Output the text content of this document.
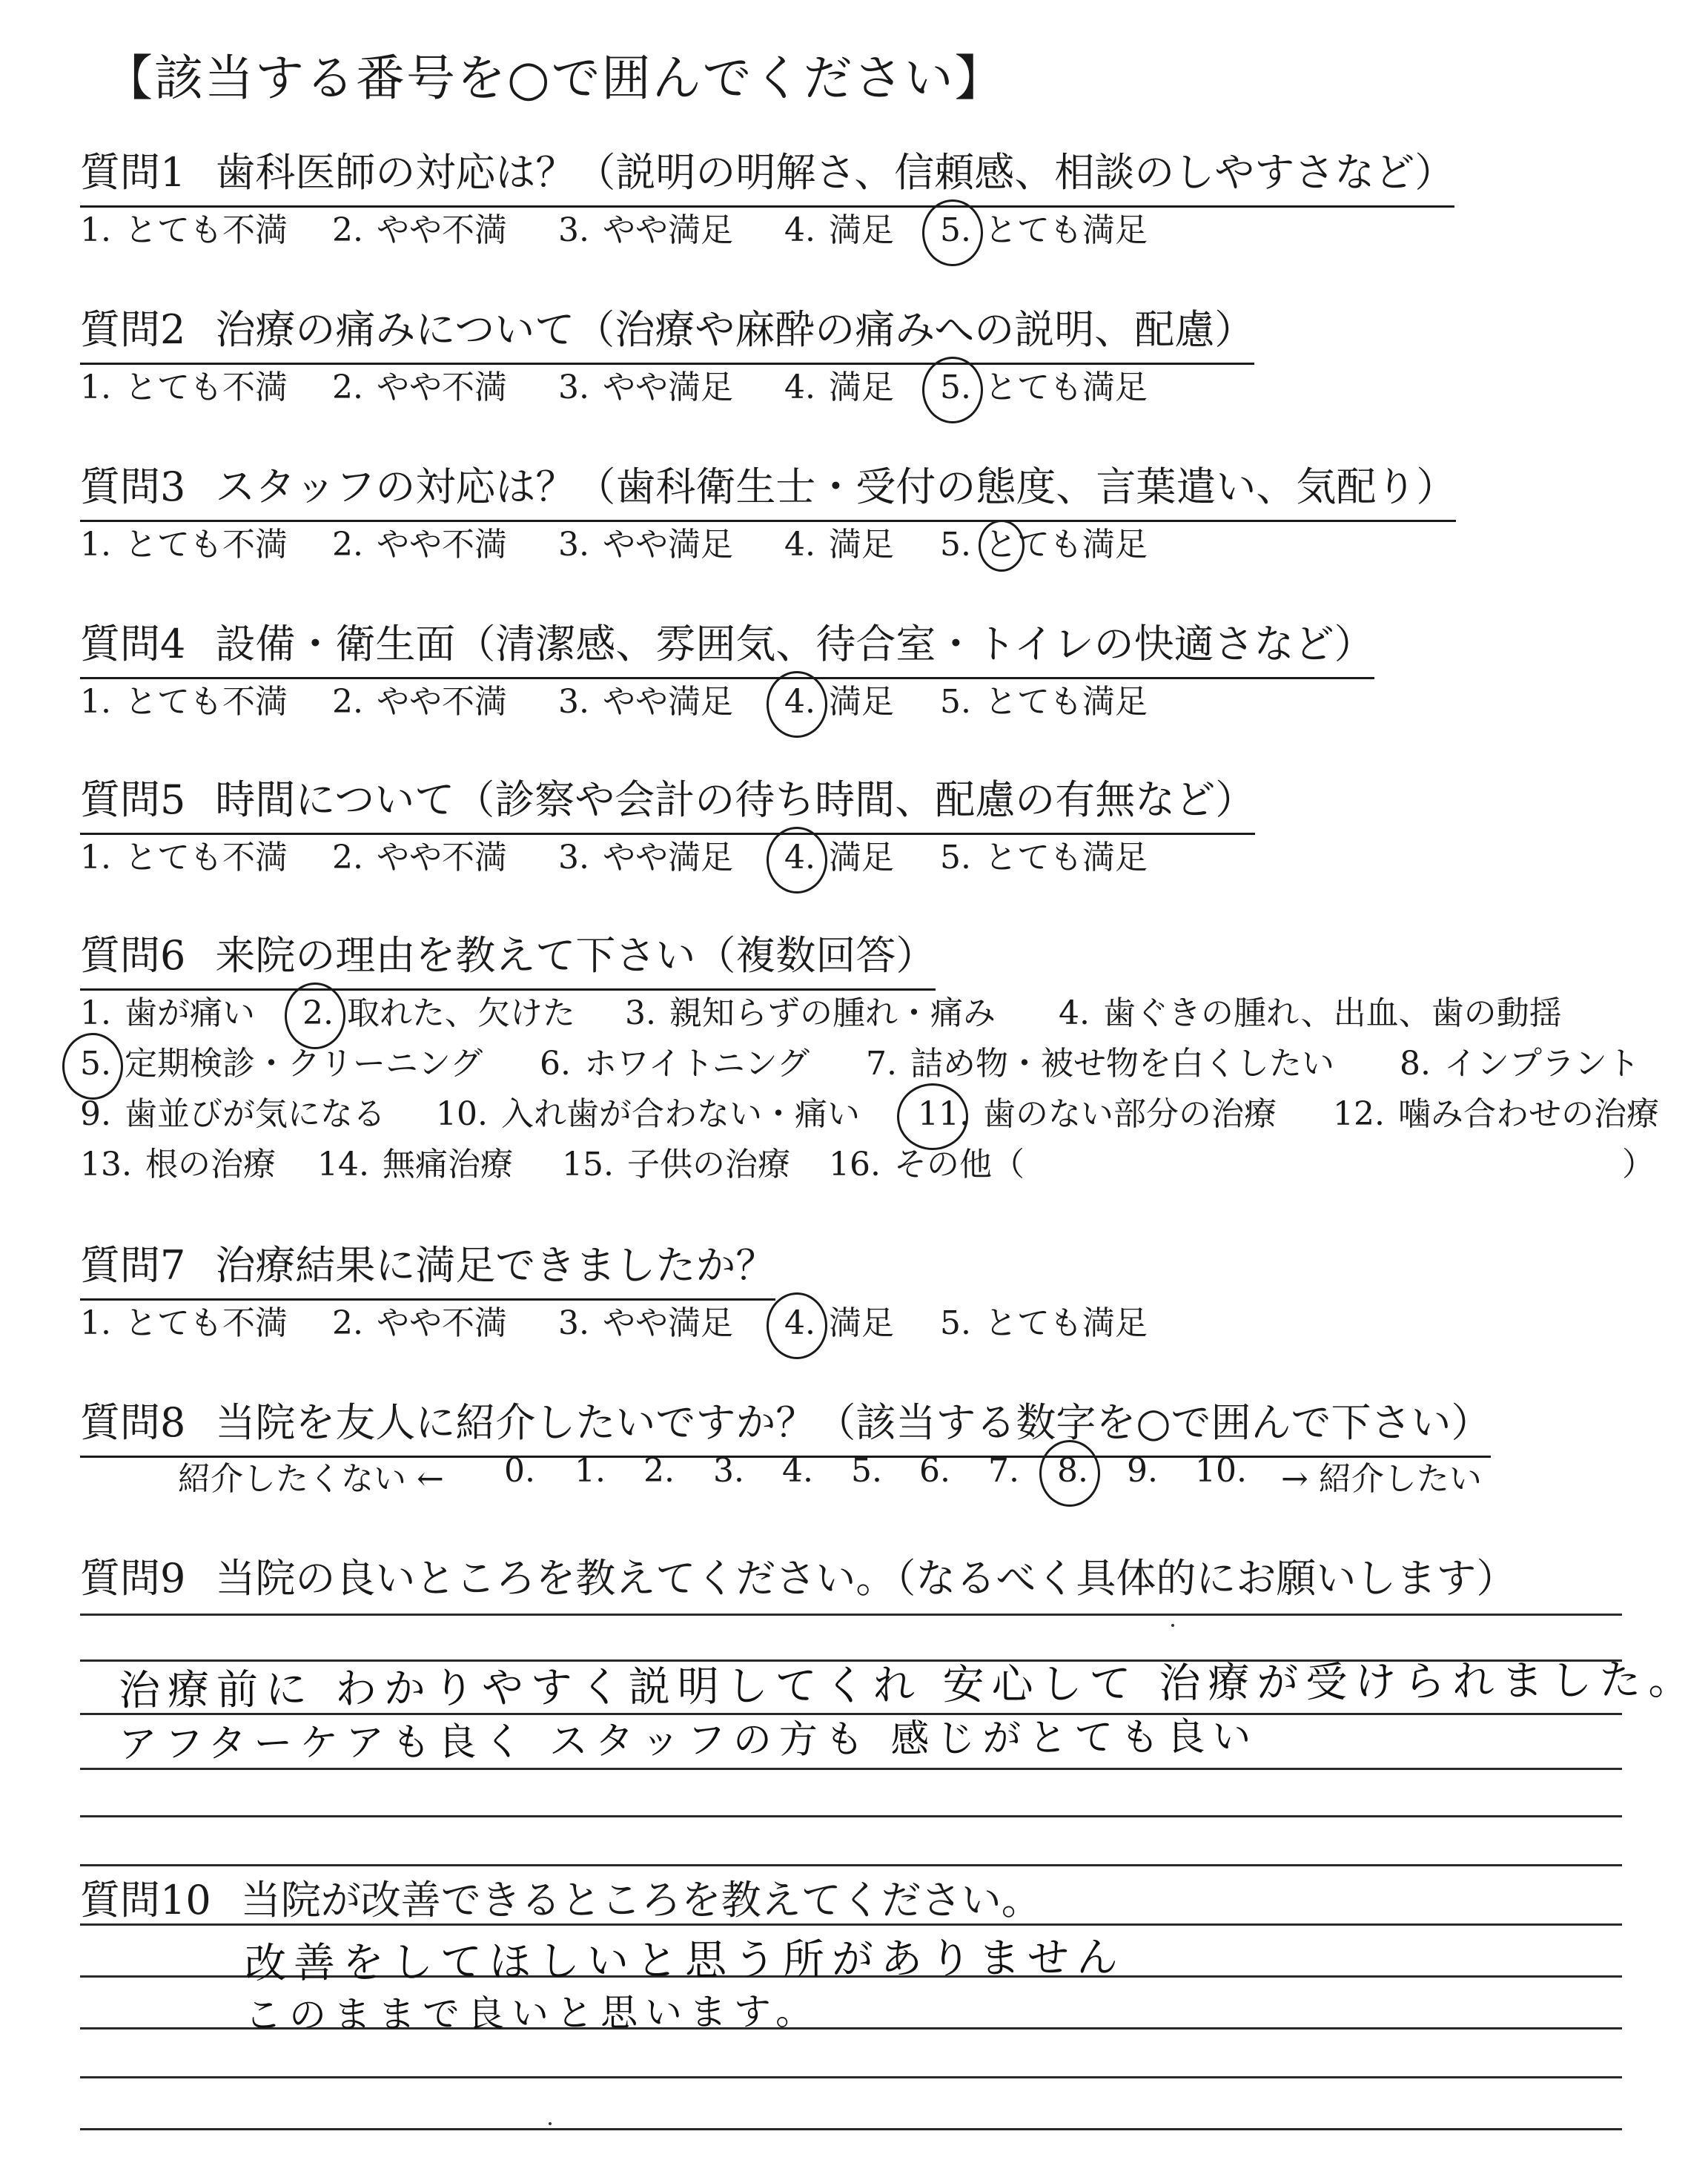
【該当する番号を○で囲んでください】
質問1 歯科医師の対応は？（説明の明解さ、信頼感、相談のしやすさなど）
1. とても不満 2. やや不満 3. やや満足 4. 満足 5. とても満足
質問2 治療の痛みについて（治療や麻酔の痛みへの説明、配慮）
1. とても不満 2. やや不満 3. やや満足 4. 満足 5. とても満足
質問3 スタッフの対応は？（歯科衛生士・受付の態度、言葉遣い、気配り）
1. とても不満 2. やや不満 3. やや満足 4. 満足 5. とても満足
質問4 設備・衛生面（清潔感、雰囲気、待合室・トイレの快適さなど）
1. とても不満 2. やや不満 3. やや満足 4. 満足 5. とても満足
質問5 時間について（診察や会計の待ち時間、配慮の有無など）
1. とても不満 2. やや不満 3. やや満足 4. 満足 5. とても満足
質問6 来院の理由を教えて下さい（複数回答）
1. 歯が痛い 2. 取れた、欠けた 3. 親知らずの腫れ・痛み 4. 歯ぐきの腫れ、出血、歯の動揺
5. 定期検診・クリーニング 6. ホワイトニング 7. 詰め物・被せ物を白くしたい 8. インプラント
9. 歯並びが気になる 10. 入れ歯が合わない・痛い 11. 歯のない部分の治療 12. 噛み合わせの治療
13. 根の治療 14. 無痛治療 15. 子供の治療 16. その他（	）
質問7 治療結果に満足できましたか？
1. とても不満 2. やや不満 3. やや満足 4. 満足 5. とても満足
質問8 当院を友人に紹介したいですか？（該当する数字を○で囲んで下さい）
紹介したくない ← 0. 1. 2. 3. 4. 5. 6. 7. 8. 9. 10. → 紹介したい
質問9 当院の良いところを教えてください。（なるべく具体的にお願いします）
治療前に わかりやすく説明してくれ 安心して 治療が受けられました。
アフターケアも良く スタッフの方も 感じがとても良い
質問10 当院が改善できるところを教えてください。
改善をしてほしいと思う所がありません
このままで良いと思います。
